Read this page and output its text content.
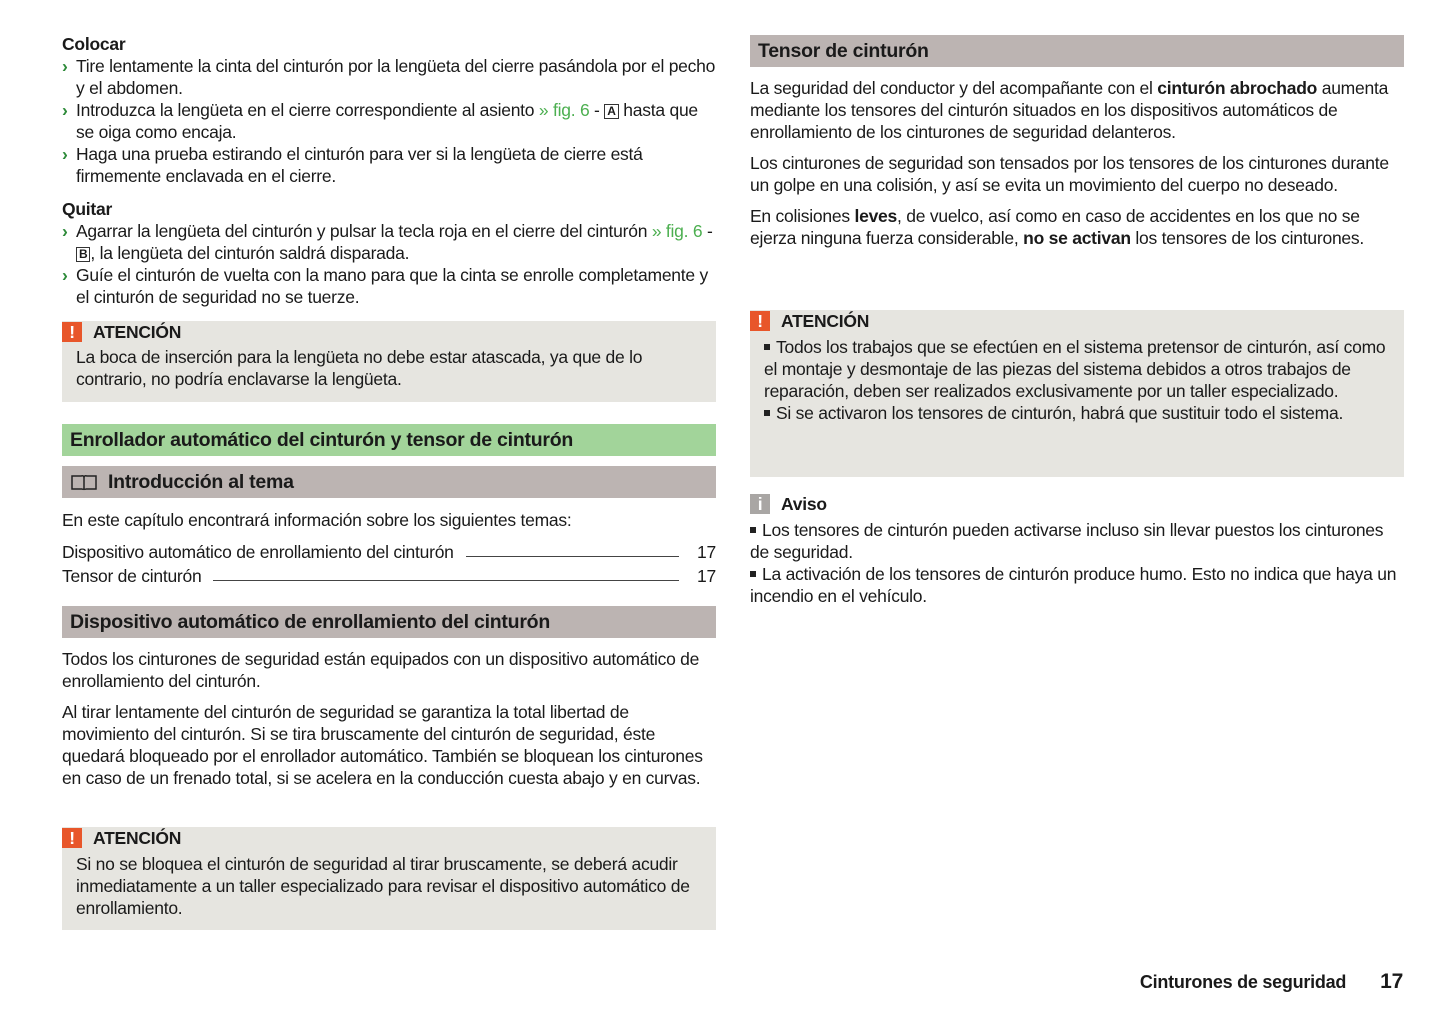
Colocar
› Tire lentamente la cinta del cinturón por la lengüeta del cierre pasándola por el pecho y el abdomen.
› Introduzca la lengüeta en el cierre correspondiente al asiento » fig. 6 - A hasta que se oiga como encaja.
› Haga una prueba estirando el cinturón para ver si la lengüeta de cierre está firmemente enclavada en el cierre.
Quitar
› Agarrar la lengüeta del cinturón y pulsar la tecla roja en el cierre del cinturón » fig. 6 - B , la lengüeta del cinturón saldrá disparada.
› Guíe el cinturón de vuelta con la mano para que la cinta se enrolle completamente y el cinturón de seguridad no se tuerze.
!	ATENCIÓN

La boca de inserción para la lengüeta no debe estar atascada, ya que de lo contrario, no podría enclavarse la lengüeta.

Enrollador automático del cinturón y tensor de cinturón
Introducción al tema

En este capítulo encontrará información sobre los siguientes temas:

Dispositivo automático de enrollamiento del cinturón	17
Tensor de cinturón	17
Dispositivo automático de enrollamiento del cinturón

Todos los cinturones de seguridad están equipados con un dispositivo automático de enrollamiento del cinturón.

Al tirar lentamente del cinturón de seguridad se garantiza la total libertad de movimiento del cinturón. Si se tira bruscamente del cinturón de seguridad, éste quedará bloqueado por el enrollador automático. También se bloquean los cinturones en caso de un frenado total, si se acelera en la conducción cuesta abajo y en curvas.

!	ATENCIÓN

Si no se bloquea el cinturón de seguridad al tirar bruscamente, se deberá acudir inmediatamente a un taller especializado para revisar el dispositivo automático de enrollamiento.

Tensor de cinturón

La seguridad del conductor y del acompañante con el cinturón abrochado aumenta mediante los tensores del cinturón situados en los dispositivos automáticos de enrollamiento de los cinturones de seguridad delanteros.

Los cinturones de seguridad son tensados por los tensores de los cinturones durante un golpe en una colisión, y así se evita un movimiento del cuerpo no deseado.

En colisiones leves, de vuelco, así como en caso de accidentes en los que no se ejerza ninguna fuerza considerable, no se activan los tensores de los cinturones.

!	ATENCIÓN

Todos los trabajos que se efectúen en el sistema pretensor de cinturón, así como el montaje y desmontaje de las piezas del sistema debidos a otros trabajos de reparación, deben ser realizados exclusivamente por un taller especializado.

Si se activaron los tensores de cinturón, habrá que sustituir todo el sistema.

i	Aviso

Los tensores de cinturón pueden activarse incluso sin llevar puestos los cinturones de seguridad.

La activación de los tensores de cinturón produce humo. Esto no indica que haya un incendio en el vehículo.

Cinturones de seguridad 17
